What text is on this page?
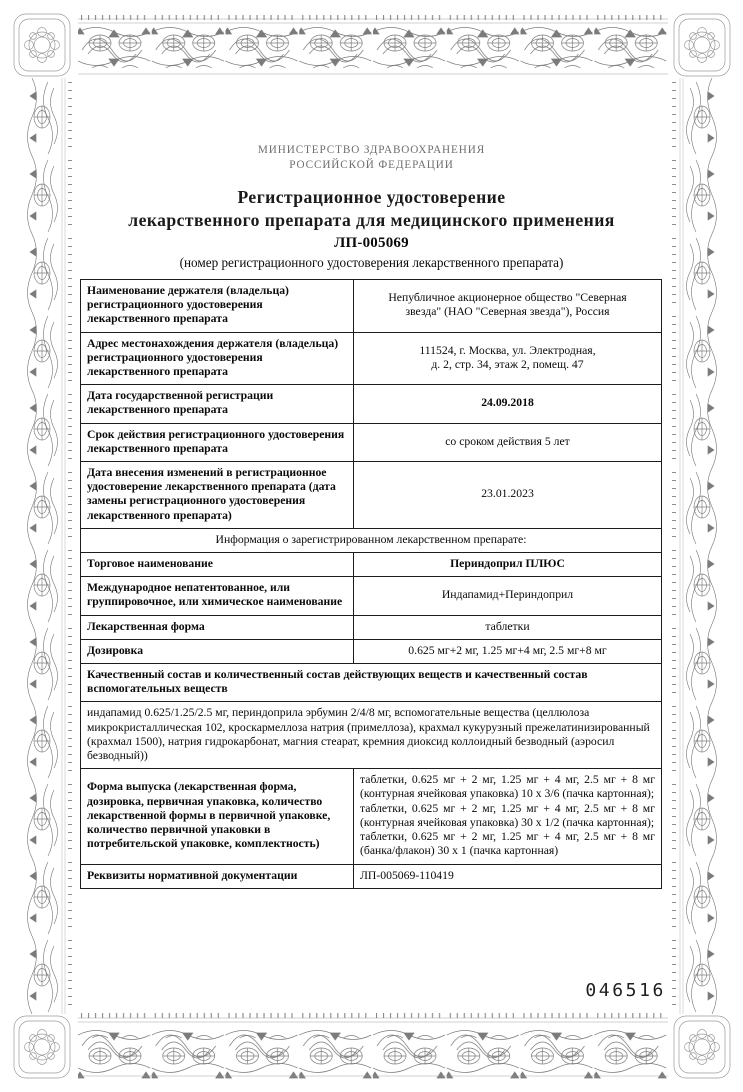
МИНИСТЕРСТВО ЗДРАВООХРАНЕНИЯ
РОССИЙСКОЙ ФЕДЕРАЦИИ
Регистрационное удостоверение
лекарственного препарата для медицинского применения
ЛП-005069
(номер регистрационного удостоверения лекарственного препарата)
Наименование держателя (владельца) регистрационного удостоверения лекарственного препарата	Непубличное акционерное общество "Северная
звезда" (НАО "Северная звезда"), Россия

Адрес местонахождения держателя (владельца) регистрационного удостоверения лекарственного препарата	111524, г. Москва, ул. Электродная,
д. 2, стр. 34, этаж 2, помещ. 47

Дата государственной регистрации лекарственного препарата	24.09.2018
Срок действия регистрационного удостоверения лекарственного препарата	со сроком действия 5 лет
Дата внесения изменений в регистрационное удостоверение лекарственного препарата (дата замены регистрационного удостоверения лекарственного препарата)	23.01.2023
Информация о зарегистрированном лекарственном препарате:	
Торговое наименование	Периндоприл ПЛЮС
Международное непатентованное, или группировочное, или химическое наименование	Индапамид+Периндоприл
Лекарственная форма	таблетки
Дозировка	0.625 мг+2 мг, 1.25 мг+4 мг, 2.5 мг+8 мг
Качественный состав и количественный состав действующих веществ и качественный состав вспомогательных веществ	
индапамид 0.625/1.25/2.5 мг, периндоприла эрбумин 2/4/8 мг, вспомогательные вещества (целлюлоза микрокристаллическая 102, кроскармеллоза натрия (примеллоза), крахмал кукурузный прежелатинизированный (крахмал 1500), натрия гидрокарбонат, магния стеарат, кремния диоксид коллоидный безводный (аэросил безводный))	
Форма выпуска (лекарственная форма, дозировка, первичная упаковка, количество лекарственной формы в первичной упаковке, количество первичной упаковки в потребительской упаковке, комплектность)	таблетки, 0.625 мг + 2 мг, 1.25 мг + 4 мг, 2.5 мг + 8 мг (контурная ячейковая упаковка) 10 х 3/6 (пачка картонная);
таблетки, 0.625 мг + 2 мг, 1.25 мг + 4 мг, 2.5 мг + 8 мг (контурная ячейковая упаковка) 30 х 1/2 (пачка картонная);
таблетки, 0.625 мг + 2 мг, 1.25 мг + 4 мг, 2.5 мг + 8 мг (банка/флакон) 30 х 1 (пачка картонная)

Реквизиты нормативной документации	ЛП-005069-110419
046516
